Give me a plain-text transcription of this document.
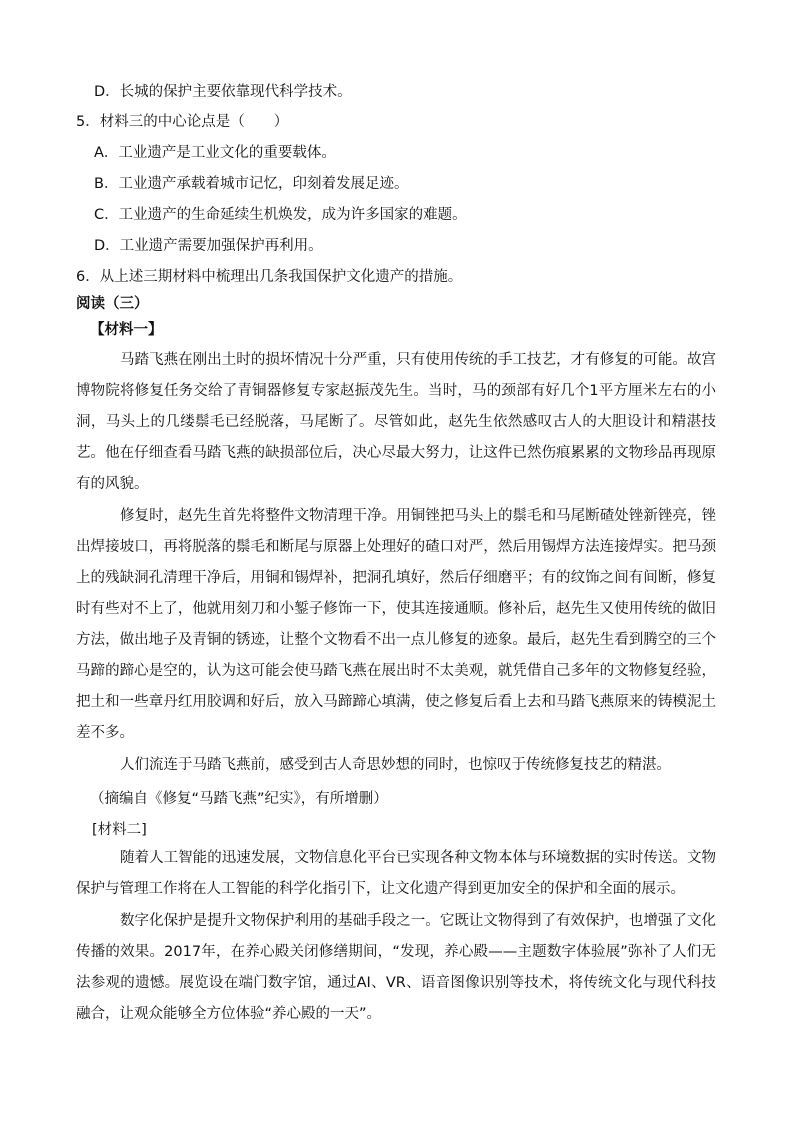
D．长城的保护主要依靠现代科学技术。
5．材料三的中心论点是（　　）
A．工业遗产是工业文化的重要载体。
B．工业遗产承载着城市记忆，印刻着发展足迹。
C．工业遗产的生命延续生机焕发，成为许多国家的难题。
D．工业遗产需要加强保护再利用。
6．从上述三期材料中梳理出几条我国保护文化遗产的措施。
阅读（三）
【材料一】

马踏飞燕在刚出土时的损坏情况十分严重，只有使用传统的手工技艺，才有修复的可能。故宫博物院将修复任务交给了青铜器修复专家赵振茂先生。当时，马的颈部有好几个1平方厘米左右的小洞，马头上的几缕鬃毛已经脱落，马尾断了。尽管如此，赵先生依然感叹古人的大胆设计和精湛技艺。他在仔细查看马踏飞燕的缺损部位后，决心尽最大努力，让这件已然伤痕累累的文物珍品再现原有的风貌。

修复时，赵先生首先将整件文物清理干净。用铜锉把马头上的鬃毛和马尾断碴处锉新锉亮，锉出焊接坡口，再将脱落的鬃毛和断尾与原器上处理好的碴口对严，然后用锡焊方法连接焊实。把马颈上的残缺洞孔清理干净后，用铜和锡焊补，把洞孔填好，然后仔细磨平；有的纹饰之间有间断，修复时有些对不上了，他就用刻刀和小錾子修饰一下，使其连接通顺。修补后，赵先生又使用传统的做旧方法，做出地子及青铜的锈迹，让整个文物看不出一点儿修复的迹象。最后，赵先生看到腾空的三个马蹄的蹄心是空的，认为这可能会使马踏飞燕在展出时不太美观，就凭借自己多年的文物修复经验，把土和一些章丹红用胶调和好后，放入马蹄蹄心填满，使之修复后看上去和马踏飞燕原来的铸模泥土差不多。

人们流连于马踏飞燕前，感受到古人奇思妙想的同时，也惊叹于传统修复技艺的精湛。

（摘编自《修复“马踏飞燕”纪实》，有所增删）
[材料二]

随着人工智能的迅速发展，文物信息化平台已实现各种文物本体与环境数据的实时传送。文物保护与管理工作将在人工智能的科学化指引下，让文化遗产得到更加安全的保护和全面的展示。

数字化保护是提升文物保护利用的基础手段之一。它既让文物得到了有效保护，也增强了文化传播的效果。2017年，在养心殿关闭修缮期间，“发现，养心殿——主题数字体验展”弥补了人们无法参观的遗憾。展览设在端门数字馆，通过AI、VR、语音图像识别等技术，将传统文化与现代科技融合，让观众能够全方位体验“养心殿的一天”。
